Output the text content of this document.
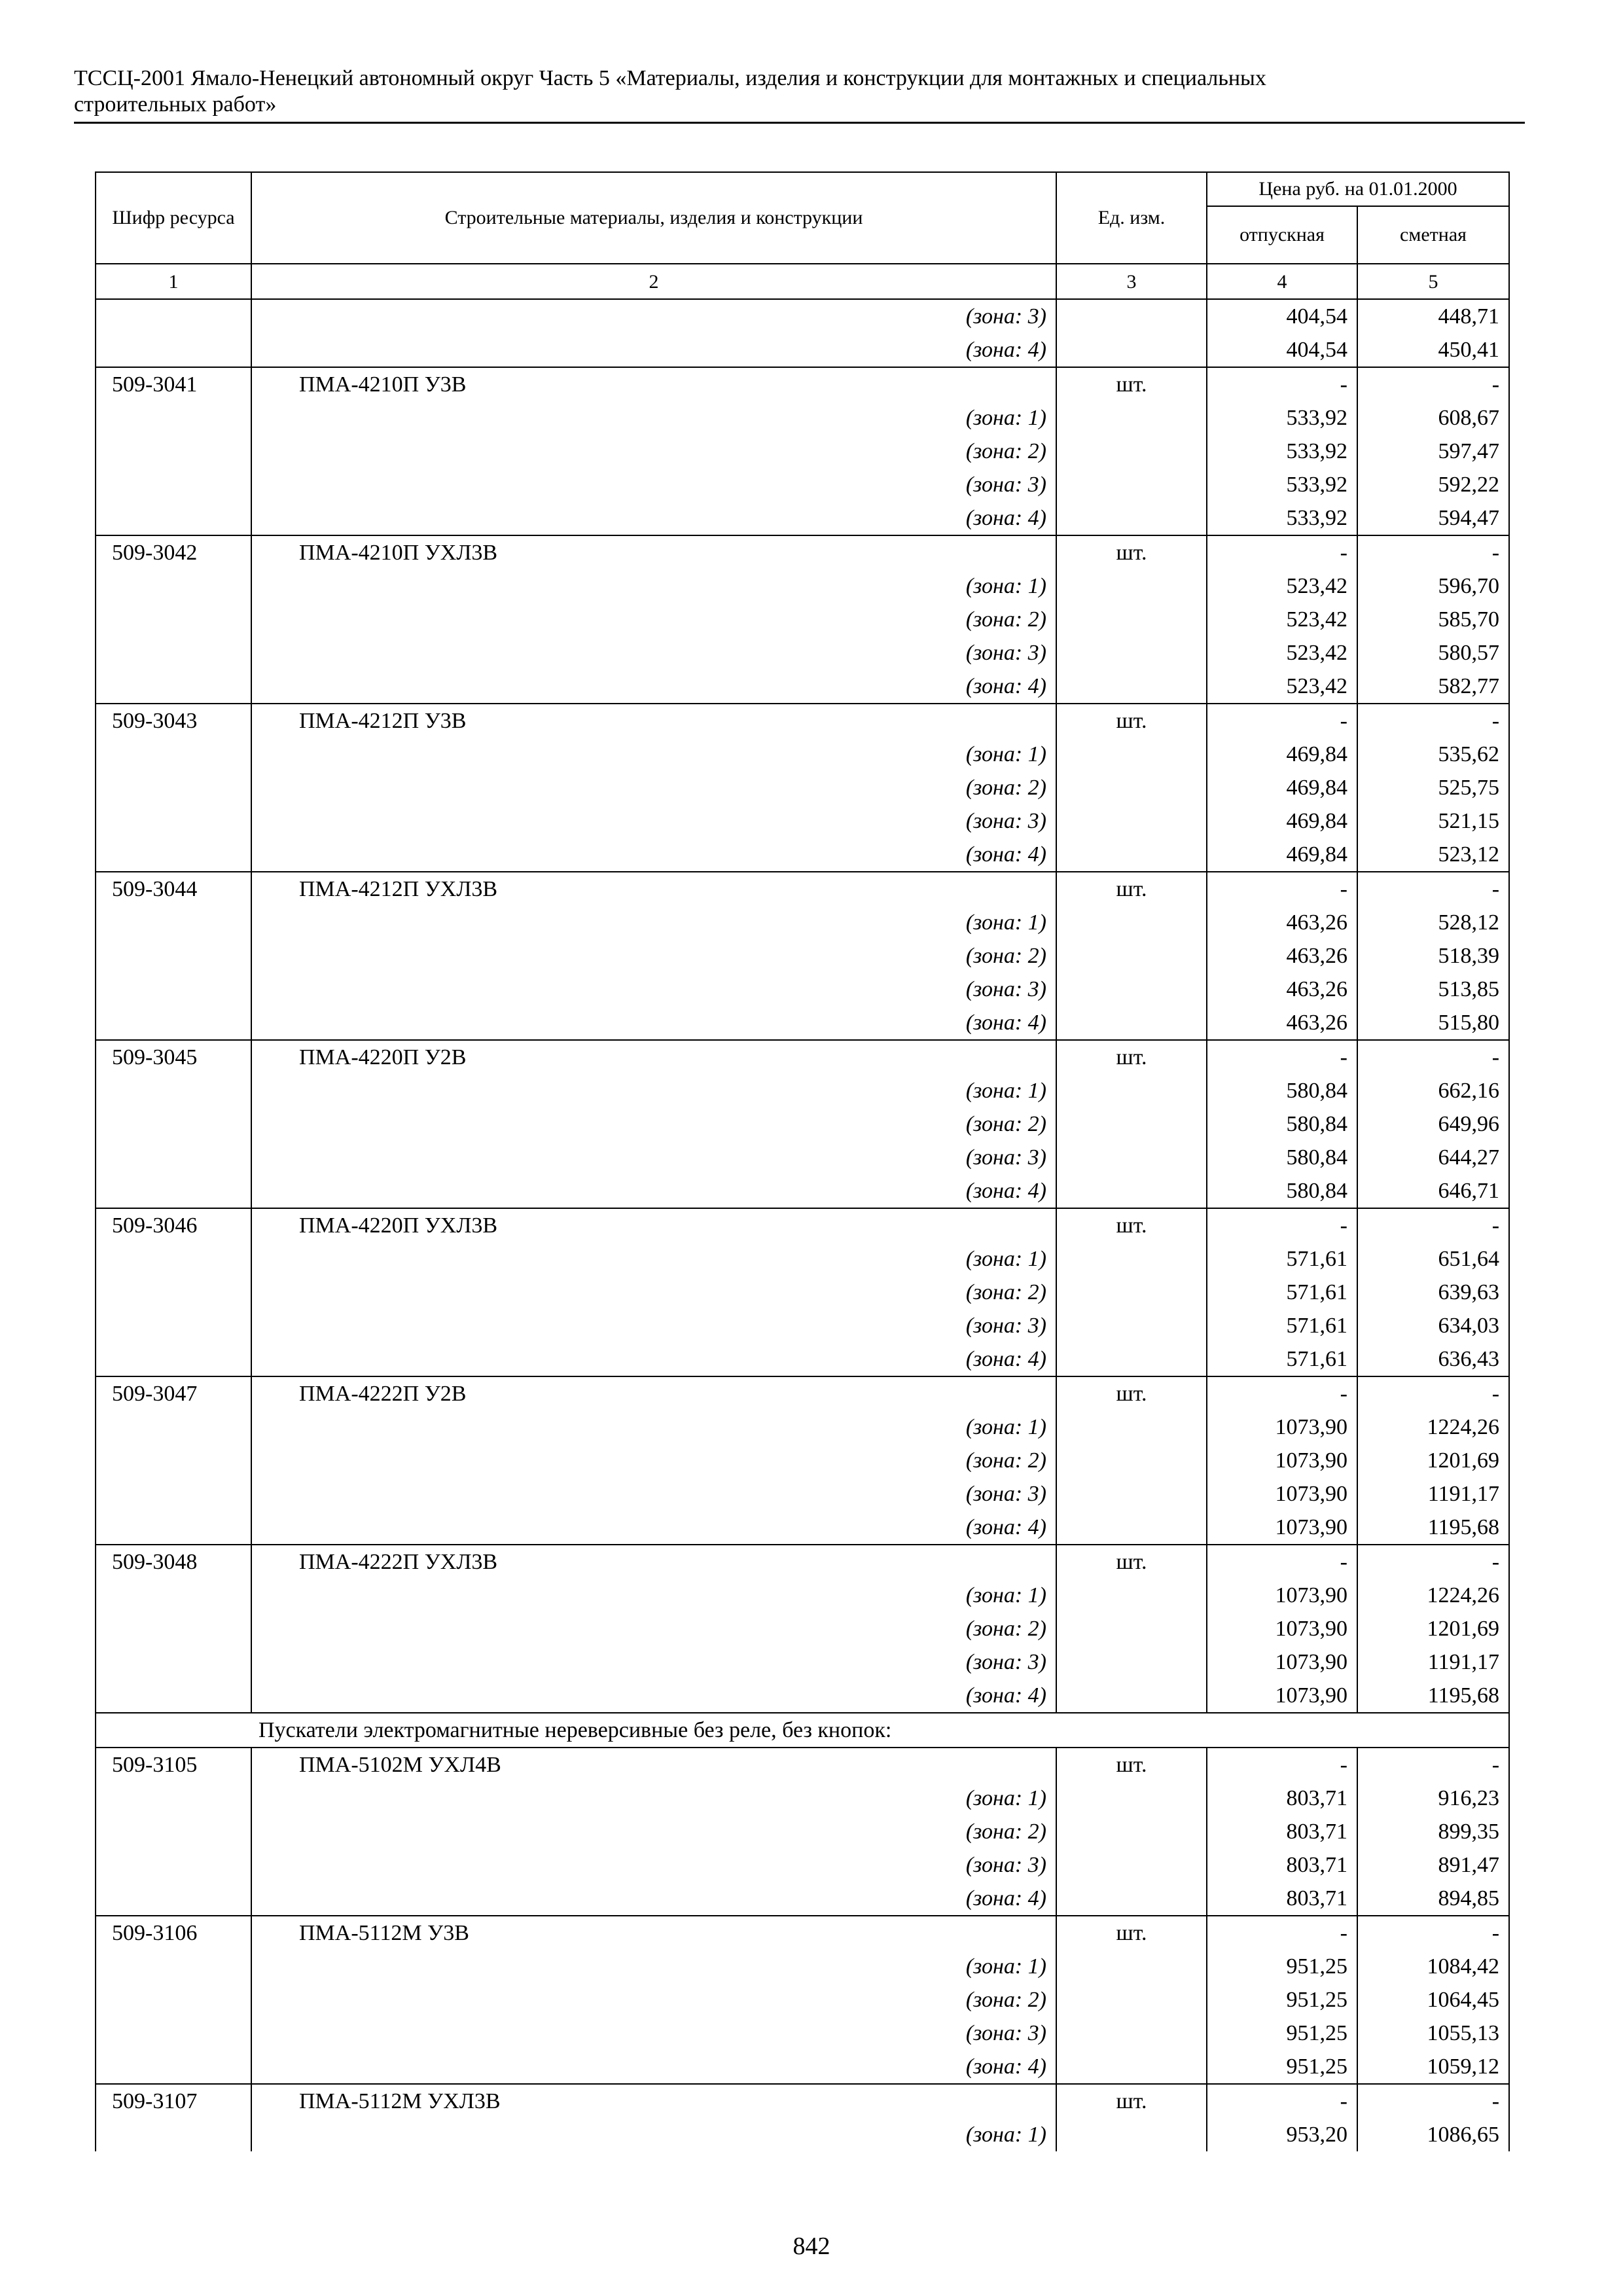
ТССЦ-2001 Ямало-Ненецкий автономный округ Часть 5 «Материалы, изделия и конструкции для монтажных и специальных
строительных работ»
Шифр ресурса	Строительные материалы, изделия и конструкции	Ед. изм.	Цена руб. на 01.01.2000	
			отпускная	сметная
1	2	3	4	5
	(зона: 3)		404,54	448,71
	(зона: 4)		404,54	450,41
509-3041	ПМА-4210П У3В	шт.	-	-
	(зона: 1)		533,92	608,67
	(зона: 2)		533,92	597,47
	(зона: 3)		533,92	592,22
	(зона: 4)		533,92	594,47
509-3042	ПМА-4210П УХЛ3В	шт.	-	-
	(зона: 1)		523,42	596,70
	(зона: 2)		523,42	585,70
	(зона: 3)		523,42	580,57
	(зона: 4)		523,42	582,77
509-3043	ПМА-4212П У3В	шт.	-	-
	(зона: 1)		469,84	535,62
	(зона: 2)		469,84	525,75
	(зона: 3)		469,84	521,15
	(зона: 4)		469,84	523,12
509-3044	ПМА-4212П УХЛ3В	шт.	-	-
	(зона: 1)		463,26	528,12
	(зона: 2)		463,26	518,39
	(зона: 3)		463,26	513,85
	(зона: 4)		463,26	515,80
509-3045	ПМА-4220П У2В	шт.	-	-
	(зона: 1)		580,84	662,16
	(зона: 2)		580,84	649,96
	(зона: 3)		580,84	644,27
	(зона: 4)		580,84	646,71
509-3046	ПМА-4220П УХЛ3В	шт.	-	-
	(зона: 1)		571,61	651,64
	(зона: 2)		571,61	639,63
	(зона: 3)		571,61	634,03
	(зона: 4)		571,61	636,43
509-3047	ПМА-4222П У2В	шт.	-	-
	(зона: 1)		1073,90	1224,26
	(зона: 2)		1073,90	1201,69
	(зона: 3)		1073,90	1191,17
	(зона: 4)		1073,90	1195,68
509-3048	ПМА-4222П УХЛ3В	шт.	-	-
	(зона: 1)		1073,90	1224,26
	(зона: 2)		1073,90	1201,69
	(зона: 3)		1073,90	1191,17
	(зона: 4)		1073,90	1195,68
Пускатели электромагнитные нереверсивные без реле, без кнопок:				
509-3105	ПМА-5102М УХЛ4В	шт.	-	-
	(зона: 1)		803,71	916,23
	(зона: 2)		803,71	899,35
	(зона: 3)		803,71	891,47
	(зона: 4)		803,71	894,85
509-3106	ПМА-5112М У3В	шт.	-	-
	(зона: 1)		951,25	1084,42
	(зона: 2)		951,25	1064,45
	(зона: 3)		951,25	1055,13
	(зона: 4)		951,25	1059,12
509-3107	ПМА-5112М УХЛ3В	шт.	-	-
	(зона: 1)		953,20	1086,65
842
